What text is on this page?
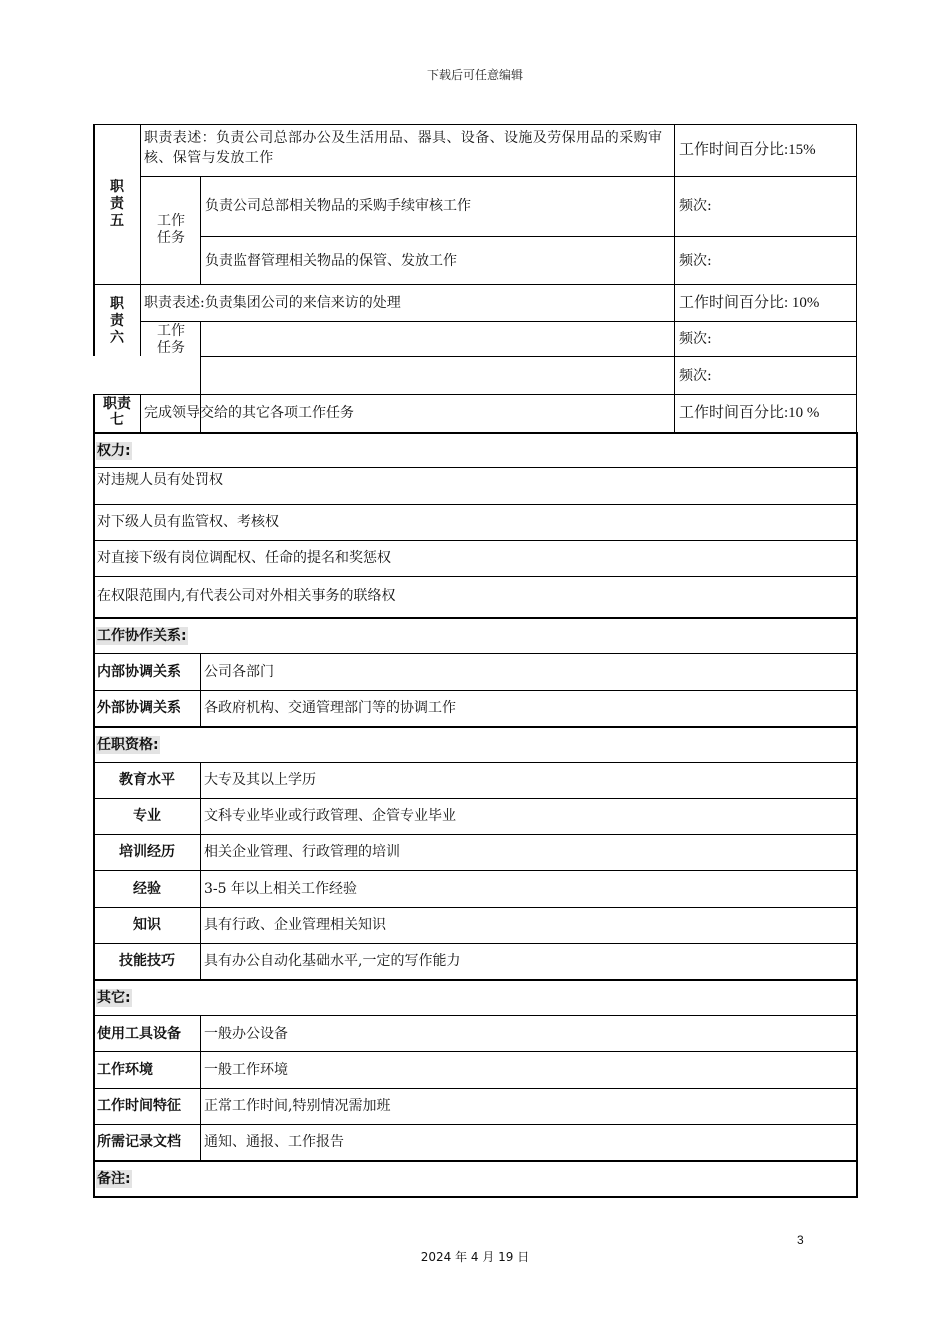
下载后可任意编辑
职责五
职责表述：负责公司总部办公及生活用品、器具、设备、设施及劳保用品的采购审核、保管与发放工作	工作时间百分比:15%
工作任务
负责公司总部相关物品的采购手续审核工作	频次:
负责监督管理相关物品的保管、发放工作	频次:
职责六
职责表述:负责集团公司的来信来访的处理	工作时间百分比: 10%
工作任务
频次:
频次:
职责七	完成领导交给的其它各项工作任务	工作时间百分比:10 %
权力:
对违规人员有处罚权
对下级人员有监管权、考核权
对直接下级有岗位调配权、任命的提名和奖惩权
在权限范围内,有代表公司对外相关事务的联络权
工作协作关系:
内部协调关系 公司各部门
外部协调关系 各政府机构、交通管理部门等的协调工作
任职资格:
教育水平	大专及其以上学历
专业	文科专业毕业或行政管理、企管专业毕业
培训经历	相关企业管理、行政管理的培训
经验	3-5 年以上相关工作经验
知识	具有行政、企业管理相关知识
技能技巧	具有办公自动化基础水平,一定的写作能力
其它:
使用工具设备 一般办公设备
工作环境	一般工作环境
工作时间特征 正常工作时间,特别情况需加班
所需记录文档 通知、通报、工作报告
备注:
3
2024 年 4 月 19 日
